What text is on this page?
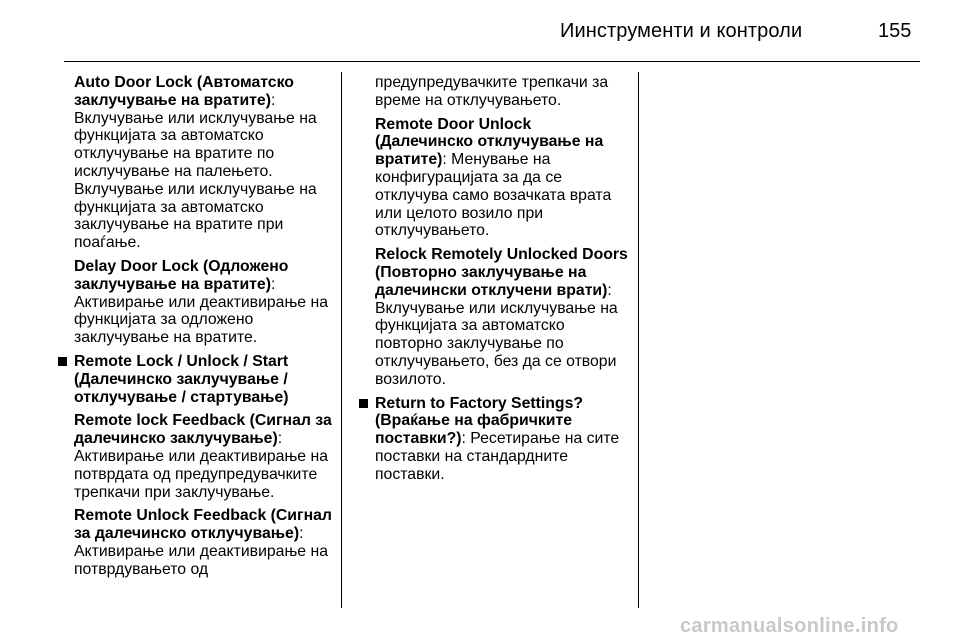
Иинструменти и контроли	155
Auto Door Lock (Автоматско заклучување на вратите): Вклучување или исклучување на функцијата за автоматско отклучување на вратите по исклучување на палењето. Вклучување или исклучување на функцијата за автоматско заклучување на вратите при поаѓање.
Delay Door Lock (Одложено заклучување на вратите): Активирање или деактивирање на функцијата за одложено заклучување на вратите.
Remote Lock / Unlock / Start (Далечинско заклучување / отклучување / стартување)
Remote lock Feedback (Сигнал за далечинско заклучување): Активирање или деактивирање на потврдата од предупредувачките трепкачи при заклучување.
Remote Unlock Feedback (Сигнал за далечинско отклучување): Активирање или деактивирање на потврдувањето од
предупредувачките трепкачи за време на отклучувањето.
Remote Door Unlock (Далечинско отклучување на вратите): Менување на конфигурацијата за да се отклучува само возачката врата или целото возило при отклучувањето.
Relock Remotely Unlocked Doors (Повторно заклучување на далечински отклучени врати): Вклучување или исклучување на функцијата за автоматско повторно заклучување по отклучувањето, без да се отвори возилото.
Return to Factory Settings? (Враќање на фабричките поставки?): Ресетирање на сите поставки на стандардните поставки.
carmanualsonline.info
